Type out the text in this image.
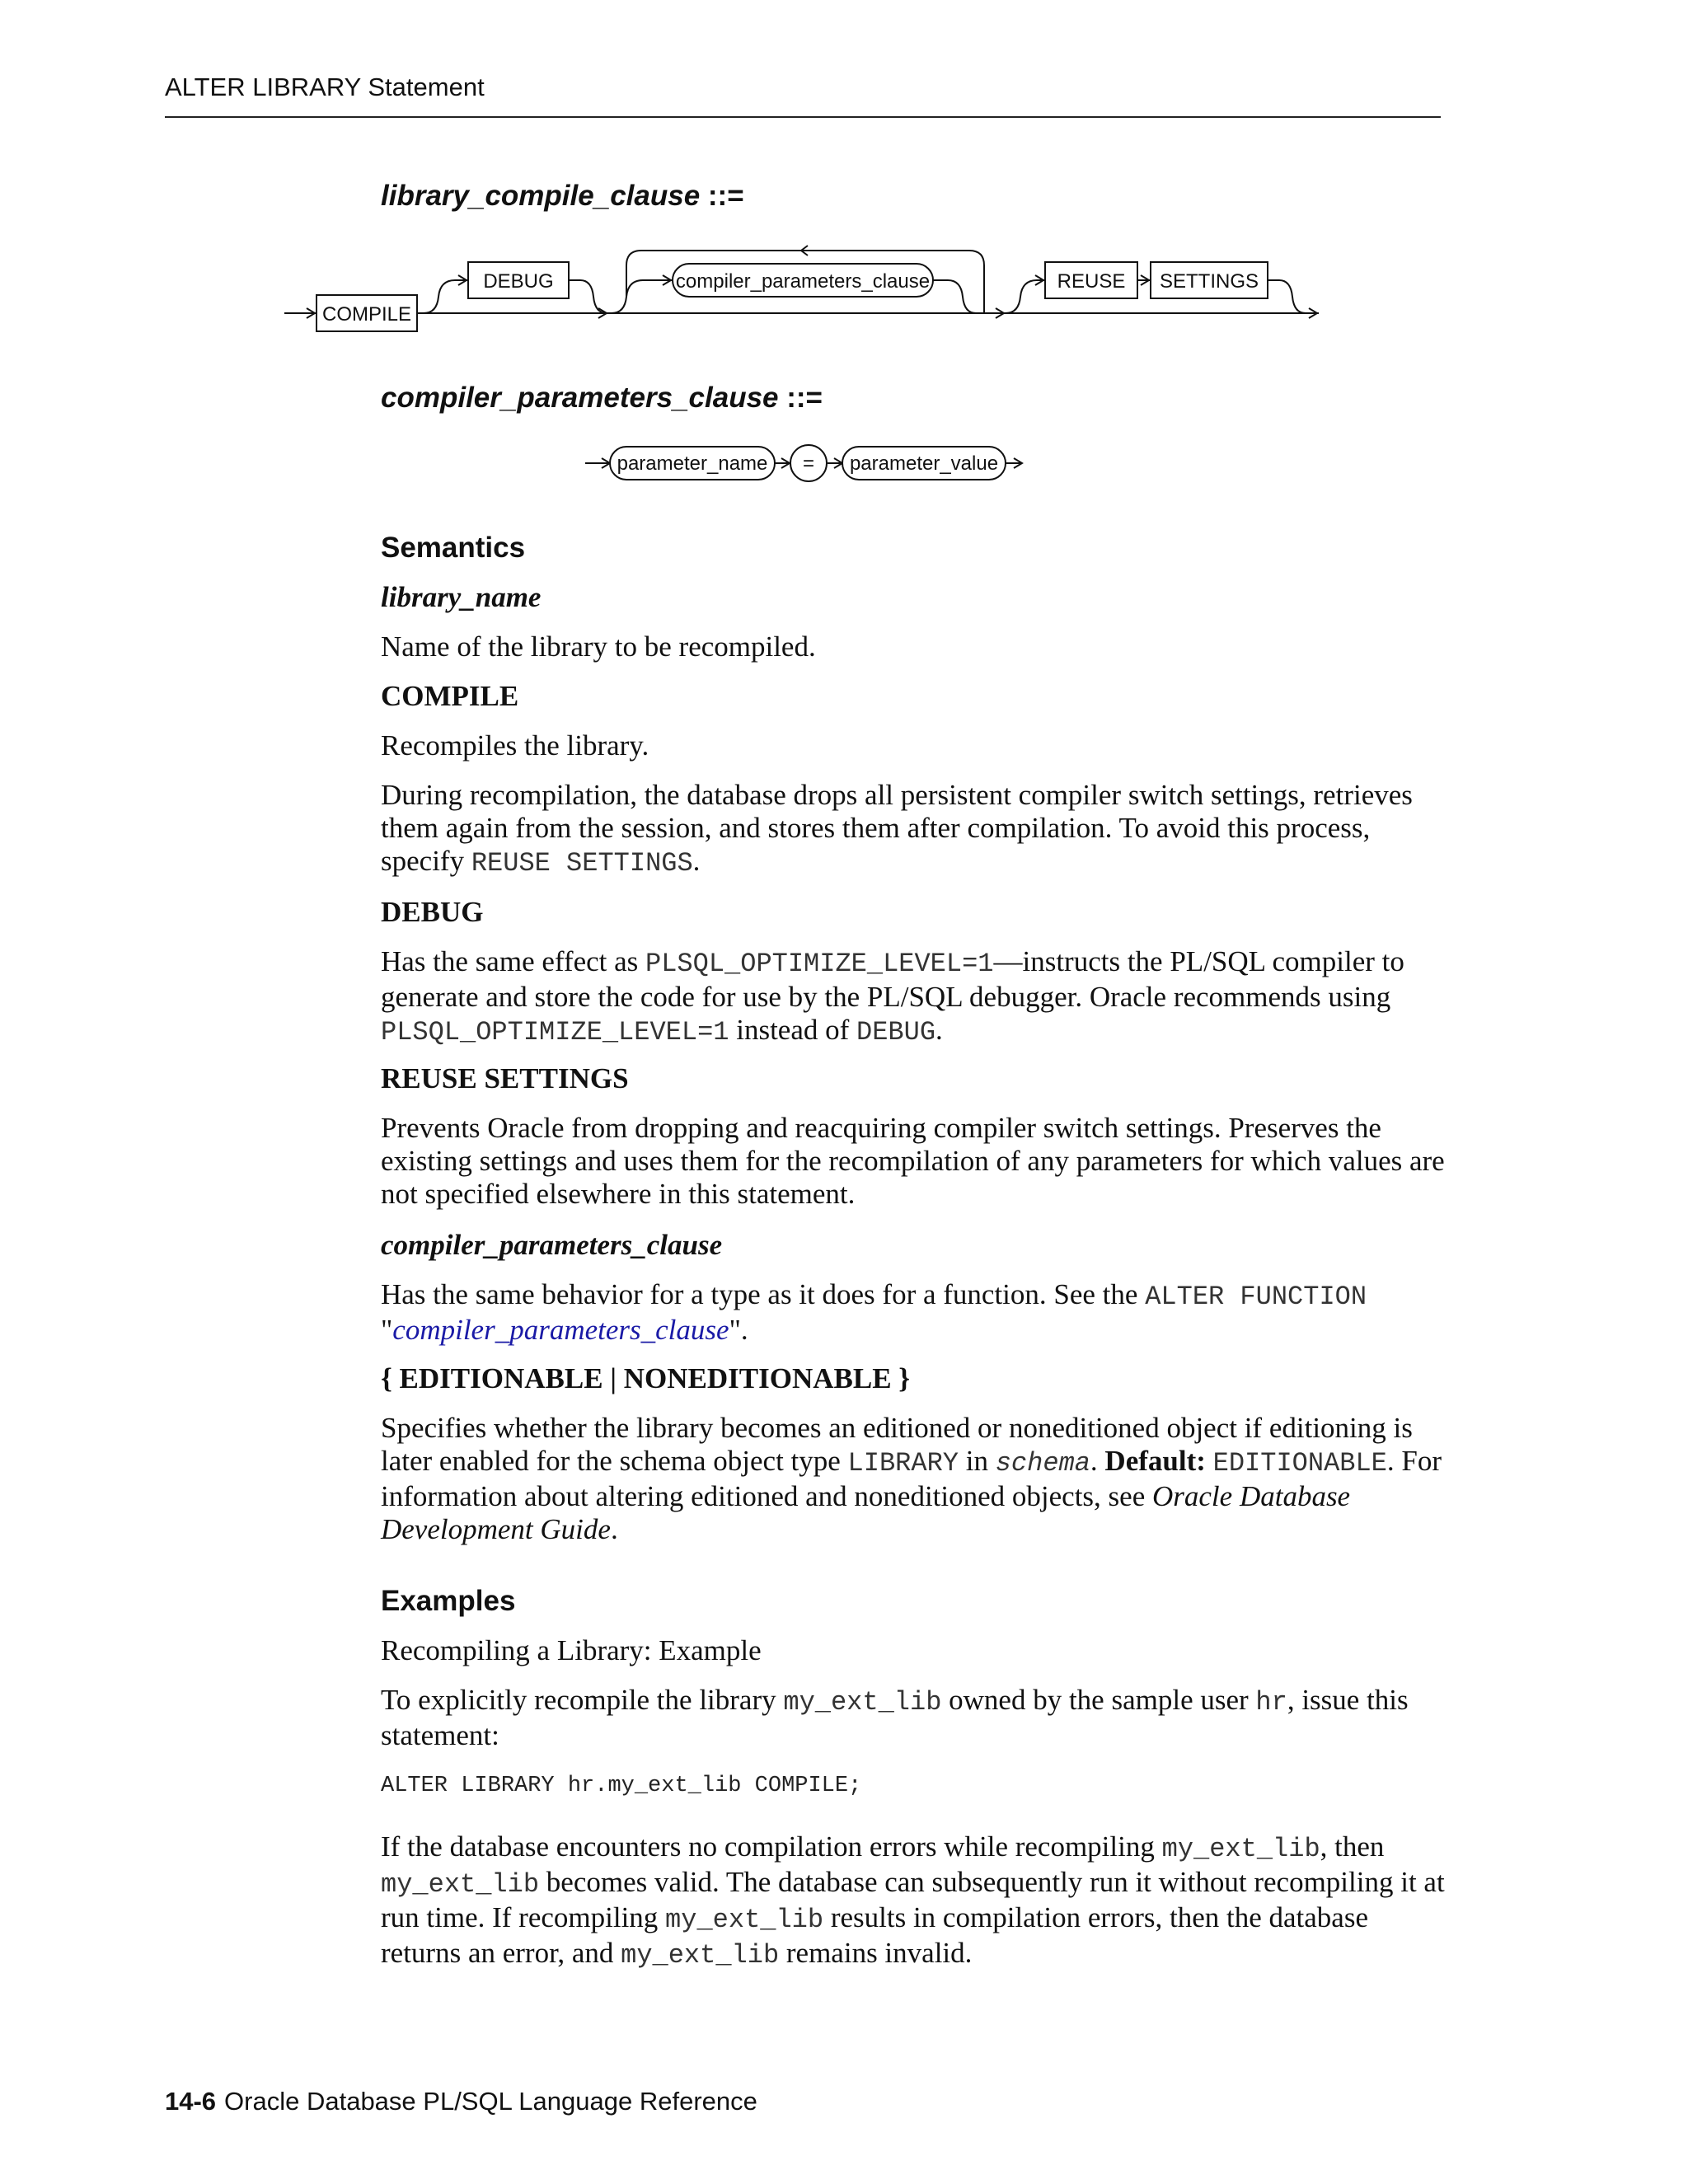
ALTER LIBRARY Statement
library_compile_clause ::=
COMPILE
DEBUG	compiler_parameters_clause	REUSE SETTINGS
compiler_parameters_clause ::=
parameter_name = parameter_value
Semantics
library_name
Name of the library to be recompiled.
COMPILE
Recompiles the library.
During recompilation, the database drops all persistent compiler switch settings, retrieves them again from the session, and stores them after compilation. To avoid this process, specify REUSE SETTINGS.
DEBUG
Has the same effect as PLSQL_OPTIMIZE_LEVEL=1—instructs the PL/SQL compiler to generate and store the code for use by the PL/SQL debugger. Oracle recommends using PLSQL_OPTIMIZE_LEVEL=1 instead of DEBUG.
REUSE SETTINGS
Prevents Oracle from dropping and reacquiring compiler switch settings. Preserves the existing settings and uses them for the recompilation of any parameters for which values are not specified elsewhere in this statement.
compiler_parameters_clause
Has the same behavior for a type as it does for a function. See the ALTER FUNCTION "compiler_parameters_clause".
{ EDITIONABLE | NONEDITIONABLE }
Specifies whether the library becomes an editioned or noneditioned object if editioning is later enabled for the schema object type LIBRARY in schema. Default: EDITIONABLE. For information about altering editioned and noneditioned objects, see Oracle Database Development Guide.
Examples
Recompiling a Library: Example
To explicitly recompile the library my_ext_lib owned by the sample user hr, issue this statement:
ALTER LIBRARY hr.my_ext_lib COMPILE;
If the database encounters no compilation errors while recompiling my_ext_lib, then my_ext_lib becomes valid. The database can subsequently run it without recompiling it at run time. If recompiling my_ext_lib results in compilation errors, then the database returns an error, and my_ext_lib remains invalid.
14-6 Oracle Database PL/SQL Language Reference
